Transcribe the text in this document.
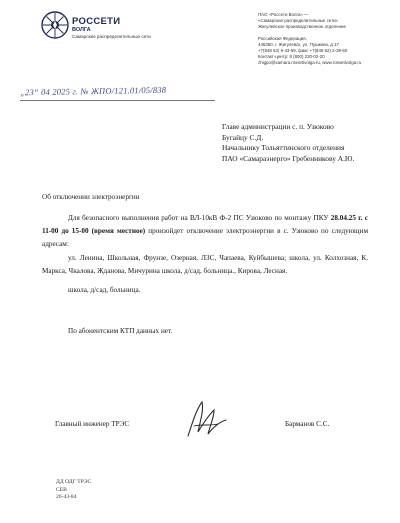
РОССЕТИ
ВОЛГА
Самарские распределительные сети
ПАО «Россети Волга» —
«Самарские распределительные сети»
Жигулевское производственное отделение
Российская Федерация,
445350, г. Жигулевск, ул. Пушкина, д.17
+7(848 62) 6-43-59, факс +7(848 62) 2-39-50
Контакт-центр: 8 (800) 220-02-20
zhigpo@samara.rossetivolga.ru, www.rossetivolga.ru
„23“ 04 2025 г. № ЖПО/121.01/05/838
Главе администрации с. п. Узюково
Бугайцу С.Д.
Начальнику Тольяттинского отделения
ПАО «Самараэнерго» Гребенникову А.Ю.
Об отключении электроэнергии

Для безопасного выполнения работ на ВЛ-10кВ Ф-2 ПС Узюково по монтажу ПКУ 28.04.25 г. с 11-00 до 15-00 (время местное) произойдет отключение электроэнергии в с. Узюково по следующим адресам:

ул. Ленина, Школьная, Фрунзе, Озерная, ЛЗС, Чапаева, Куйбышева; школа, ул. Колхозная, К. Маркса, Чкалова, Жданова, Мичурина школа, д/сад, больница., Кирова, Лесная.

школа, д/сад, больница.

По абонентским КТП данных нет.

Главный инженер ТРЭС	Барманов С.С.
ДД ОДГ ТРЭС
СЕВ
26-43-84
